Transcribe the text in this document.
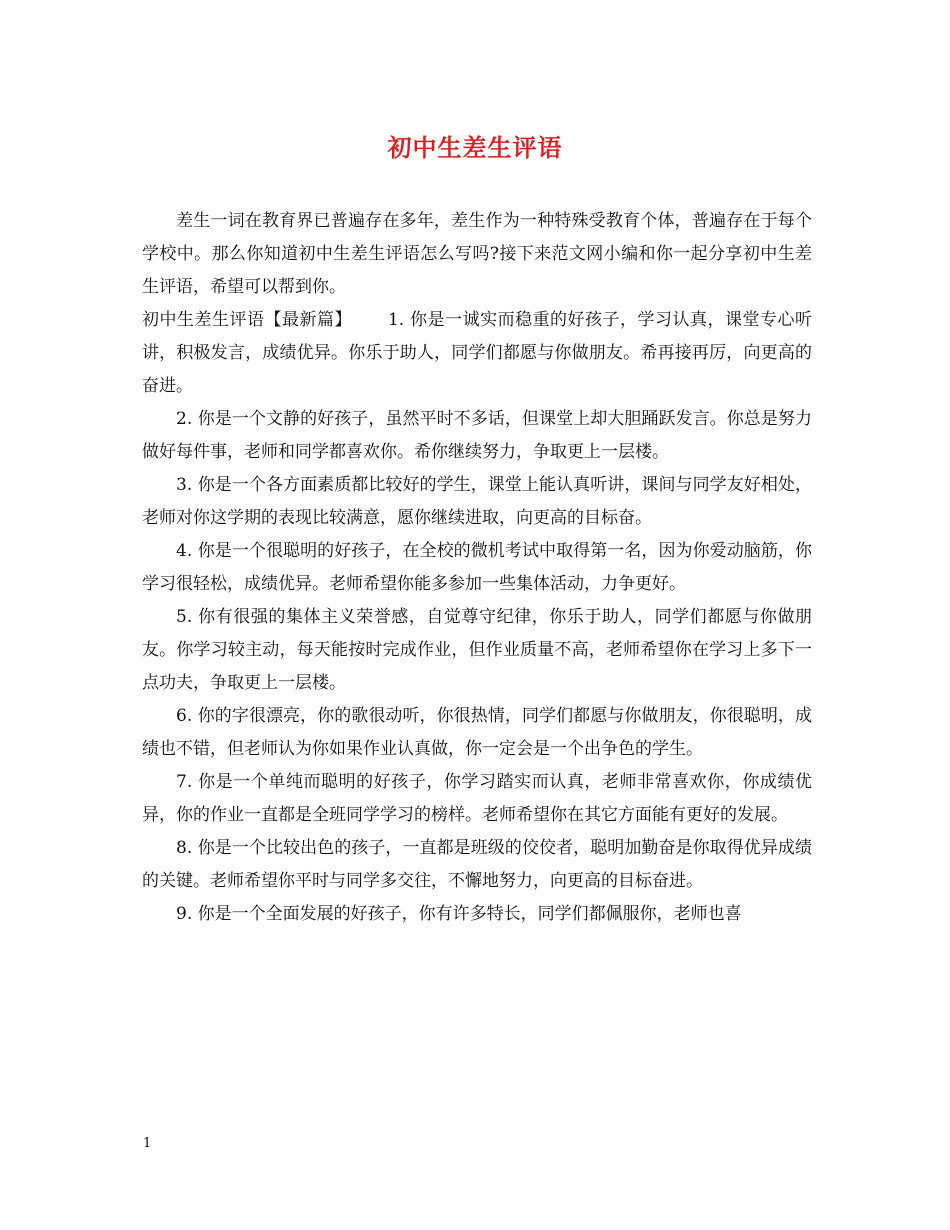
初中生差生评语

差生一词在教育界已普遍存在多年，差生作为一种特殊受教育个体，普遍存在于每个学校中。那么你知道初中生差生评语怎么写吗?接下来范文网小编和你一起分享初中生差生评语，希望可以帮到你。

初中生差生评语【最新篇】 1. 你是一诚实而稳重的好孩子，学习认真，课堂专心听讲，积极发言，成绩优异。你乐于助人，同学们都愿与你做朋友。希再接再厉，向更高的奋进。

2. 你是一个文静的好孩子，虽然平时不多话，但课堂上却大胆踊跃发言。你总是努力做好每件事，老师和同学都喜欢你。希你继续努力，争取更上一层楼。

3. 你是一个各方面素质都比较好的学生，课堂上能认真听讲，课间与同学友好相处，老师对你这学期的表现比较满意，愿你继续进取，向更高的目标奋。

4. 你是一个很聪明的好孩子，在全校的微机考试中取得第一名，因为你爱动脑筋，你学习很轻松，成绩优异。老师希望你能多参加一些集体活动，力争更好。

5. 你有很强的集体主义荣誉感，自觉尊守纪律，你乐于助人，同学们都愿与你做朋友。你学习较主动，每天能按时完成作业，但作业质量不高，老师希望你在学习上多下一点功夫，争取更上一层楼。

6. 你的字很漂亮，你的歌很动听，你很热情，同学们都愿与你做朋友，你很聪明，成绩也不错，但老师认为你如果作业认真做，你一定会是一个出争色的学生。

7. 你是一个单纯而聪明的好孩子，你学习踏实而认真，老师非常喜欢你，你成绩优异，你的作业一直都是全班同学学习的榜样。老师希望你在其它方面能有更好的发展。

8. 你是一个比较出色的孩子，一直都是班级的佼佼者，聪明加勤奋是你取得优异成绩的关键。老师希望你平时与同学多交往，不懈地努力，向更高的目标奋进。

9. 你是一个全面发展的好孩子，你有许多特长，同学们都佩服你，老师也喜

1
